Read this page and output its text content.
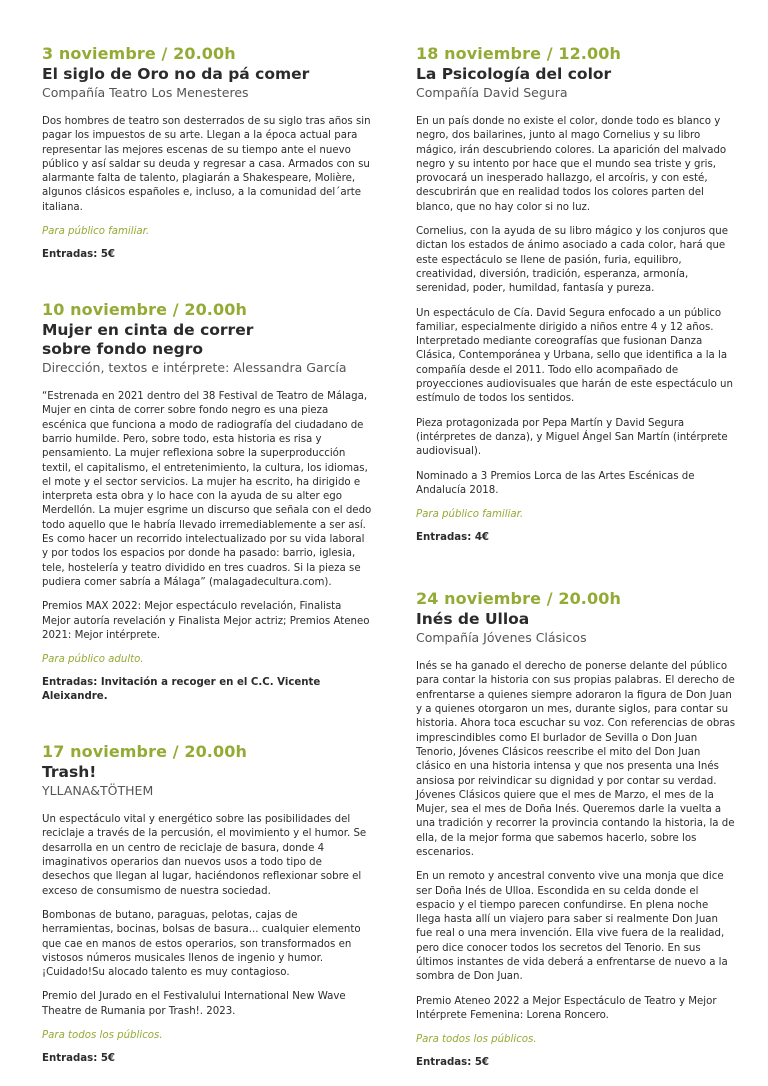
3 noviembre / 20.00h
El siglo de Oro no da pá comer
Compañía Teatro Los Menesteres

Dos hombres de teatro son desterrados de su siglo tras años sin pagar los impuestos de su arte. Llegan a la época actual para representar las mejores escenas de su tiempo ante el nuevo público y así saldar su deuda y regresar a casa. Armados con su alarmante falta de talento, plagiarán a Shakespeare, Molière, algunos clásicos españoles e, incluso, a la comunidad del´arte italiana.

Para público familiar.
Entradas: 5€
10 noviembre / 20.00h
Mujer en cinta de correr sobre fondo negro
Dirección, textos e intérprete: Alessandra García

“Estrenada en 2021 dentro del 38 Festival de Teatro de Málaga, Mujer en cinta de correr sobre fondo negro es una pieza escénica que funciona a modo de radiografía del ciudadano de barrio humilde. Pero, sobre todo, esta historia es risa y pensamiento. La mujer reflexiona sobre la superproducción textil, el capitalismo, el entretenimiento, la cultura, los idiomas, el mote y el sector servicios. La mujer ha escrito, ha dirigido e interpreta esta obra y lo hace con la ayuda de su alter ego Merdellón. La mujer esgrime un discurso que señala con el dedo todo aquello que le habría llevado irremediablemente a ser así. Es como hacer un recorrido intelectualizado por su vida laboral y por todos los espacios por donde ha pasado: barrio, iglesia, tele, hostelería y teatro dividido en tres cuadros. Si la pieza se pudiera comer sabría a Málaga” (malagadecultura.com).

Premios MAX 2022: Mejor espectáculo revelación, Finalista Mejor autoría revelación y Finalista Mejor actriz; Premios Ateneo 2021: Mejor intérprete.

Para público adulto.
Entradas: Invitación a recoger en el C.C. Vicente Aleixandre.
17 noviembre / 20.00h
Trash!
YLLANA&TÖTHEM

Un espectáculo vital y energético sobre las posibilidades del reciclaje a través de la percusión, el movimiento y el humor. Se desarrolla en un centro de reciclaje de basura, donde 4 imaginativos operarios dan nuevos usos a todo tipo de desechos que llegan al lugar, haciéndonos reflexionar sobre el exceso de consumismo de nuestra sociedad.

Bombonas de butano, paraguas, pelotas, cajas de herramientas, bocinas, bolsas de basura... cualquier elemento que cae en manos de estos operarios, son transformados en vistosos números musicales llenos de ingenio y humor. ¡Cuidado!Su alocado talento es muy contagioso.

Premio del Jurado en el Festivalului International New Wave Theatre de Rumania por Trash!. 2023.

Para todos los públicos.
Entradas: 5€
18 noviembre / 12.00h
La Psicología del color
Compañía David Segura

En un país donde no existe el color, donde todo es blanco y negro, dos bailarines, junto al mago Cornelius y su libro mágico, irán descubriendo colores. La aparición del malvado negro y su intento por hace que el mundo sea triste y gris, provocará un inesperado hallazgo, el arcoíris, y con esté, descubrirán que en realidad todos los colores parten del blanco, que no hay color si no luz.

Cornelius, con la ayuda de su libro mágico y los conjuros que dictan los estados de ánimo asociado a cada color, hará que este espectáculo se llene de pasión, furia, equilibro, creatividad, diversión, tradición, esperanza, armonía, serenidad, poder, humildad, fantasía y pureza.

Un espectáculo de Cía. David Segura enfocado a un público familiar, especialmente dirigido a niños entre 4 y 12 años. Interpretado mediante coreografías que fusionan Danza Clásica, Contemporánea y Urbana, sello que identifica a la la compañía desde el 2011. Todo ello acompañado de proyecciones audiovisuales que harán de este espectáculo un estímulo de todos los sentidos.

Pieza protagonizada por Pepa Martín y David Segura (intérpretes de danza), y Miguel Ángel San Martín (intérprete audiovisual).

Nominado a 3 Premios Lorca de las Artes Escénicas de Andalucía 2018.

Para público familiar.
Entradas: 4€
24 noviembre / 20.00h
Inés de Ulloa
Compañía Jóvenes Clásicos

Inés se ha ganado el derecho de ponerse delante del público para contar la historia con sus propias palabras. El derecho de enfrentarse a quienes siempre adoraron la figura de Don Juan y a quienes otorgaron un mes, durante siglos, para contar su historia. Ahora toca escuchar su voz. Con referencias de obras imprescindibles como El burlador de Sevilla o Don Juan Tenorio, Jóvenes Clásicos reescribe el mito del Don Juan clásico en una historia intensa y que nos presenta una Inés ansiosa por reivindicar su dignidad y por contar su verdad. Jóvenes Clásicos quiere que el mes de Marzo, el mes de la Mujer, sea el mes de Doña Inés. Queremos darle la vuelta a una tradición y recorrer la provincia contando la historia, la de ella, de la mejor forma que sabemos hacerlo, sobre los escenarios.

En un remoto y ancestral convento vive una monja que dice ser Doña Inés de Ulloa. Escondida en su celda donde el espacio y el tiempo parecen confundirse. En plena noche llega hasta allí un viajero para saber si realmente Don Juan fue real o una mera invención. Ella vive fuera de la realidad, pero dice conocer todos los secretos del Tenorio. En sus últimos instantes de vida deberá a enfrentarse de nuevo a la sombra de Don Juan.

Premio Ateneo 2022 a Mejor Espectáculo de Teatro y Mejor Intérprete Femenina: Lorena Roncero.

Para todos los públicos.
Entradas: 5€
